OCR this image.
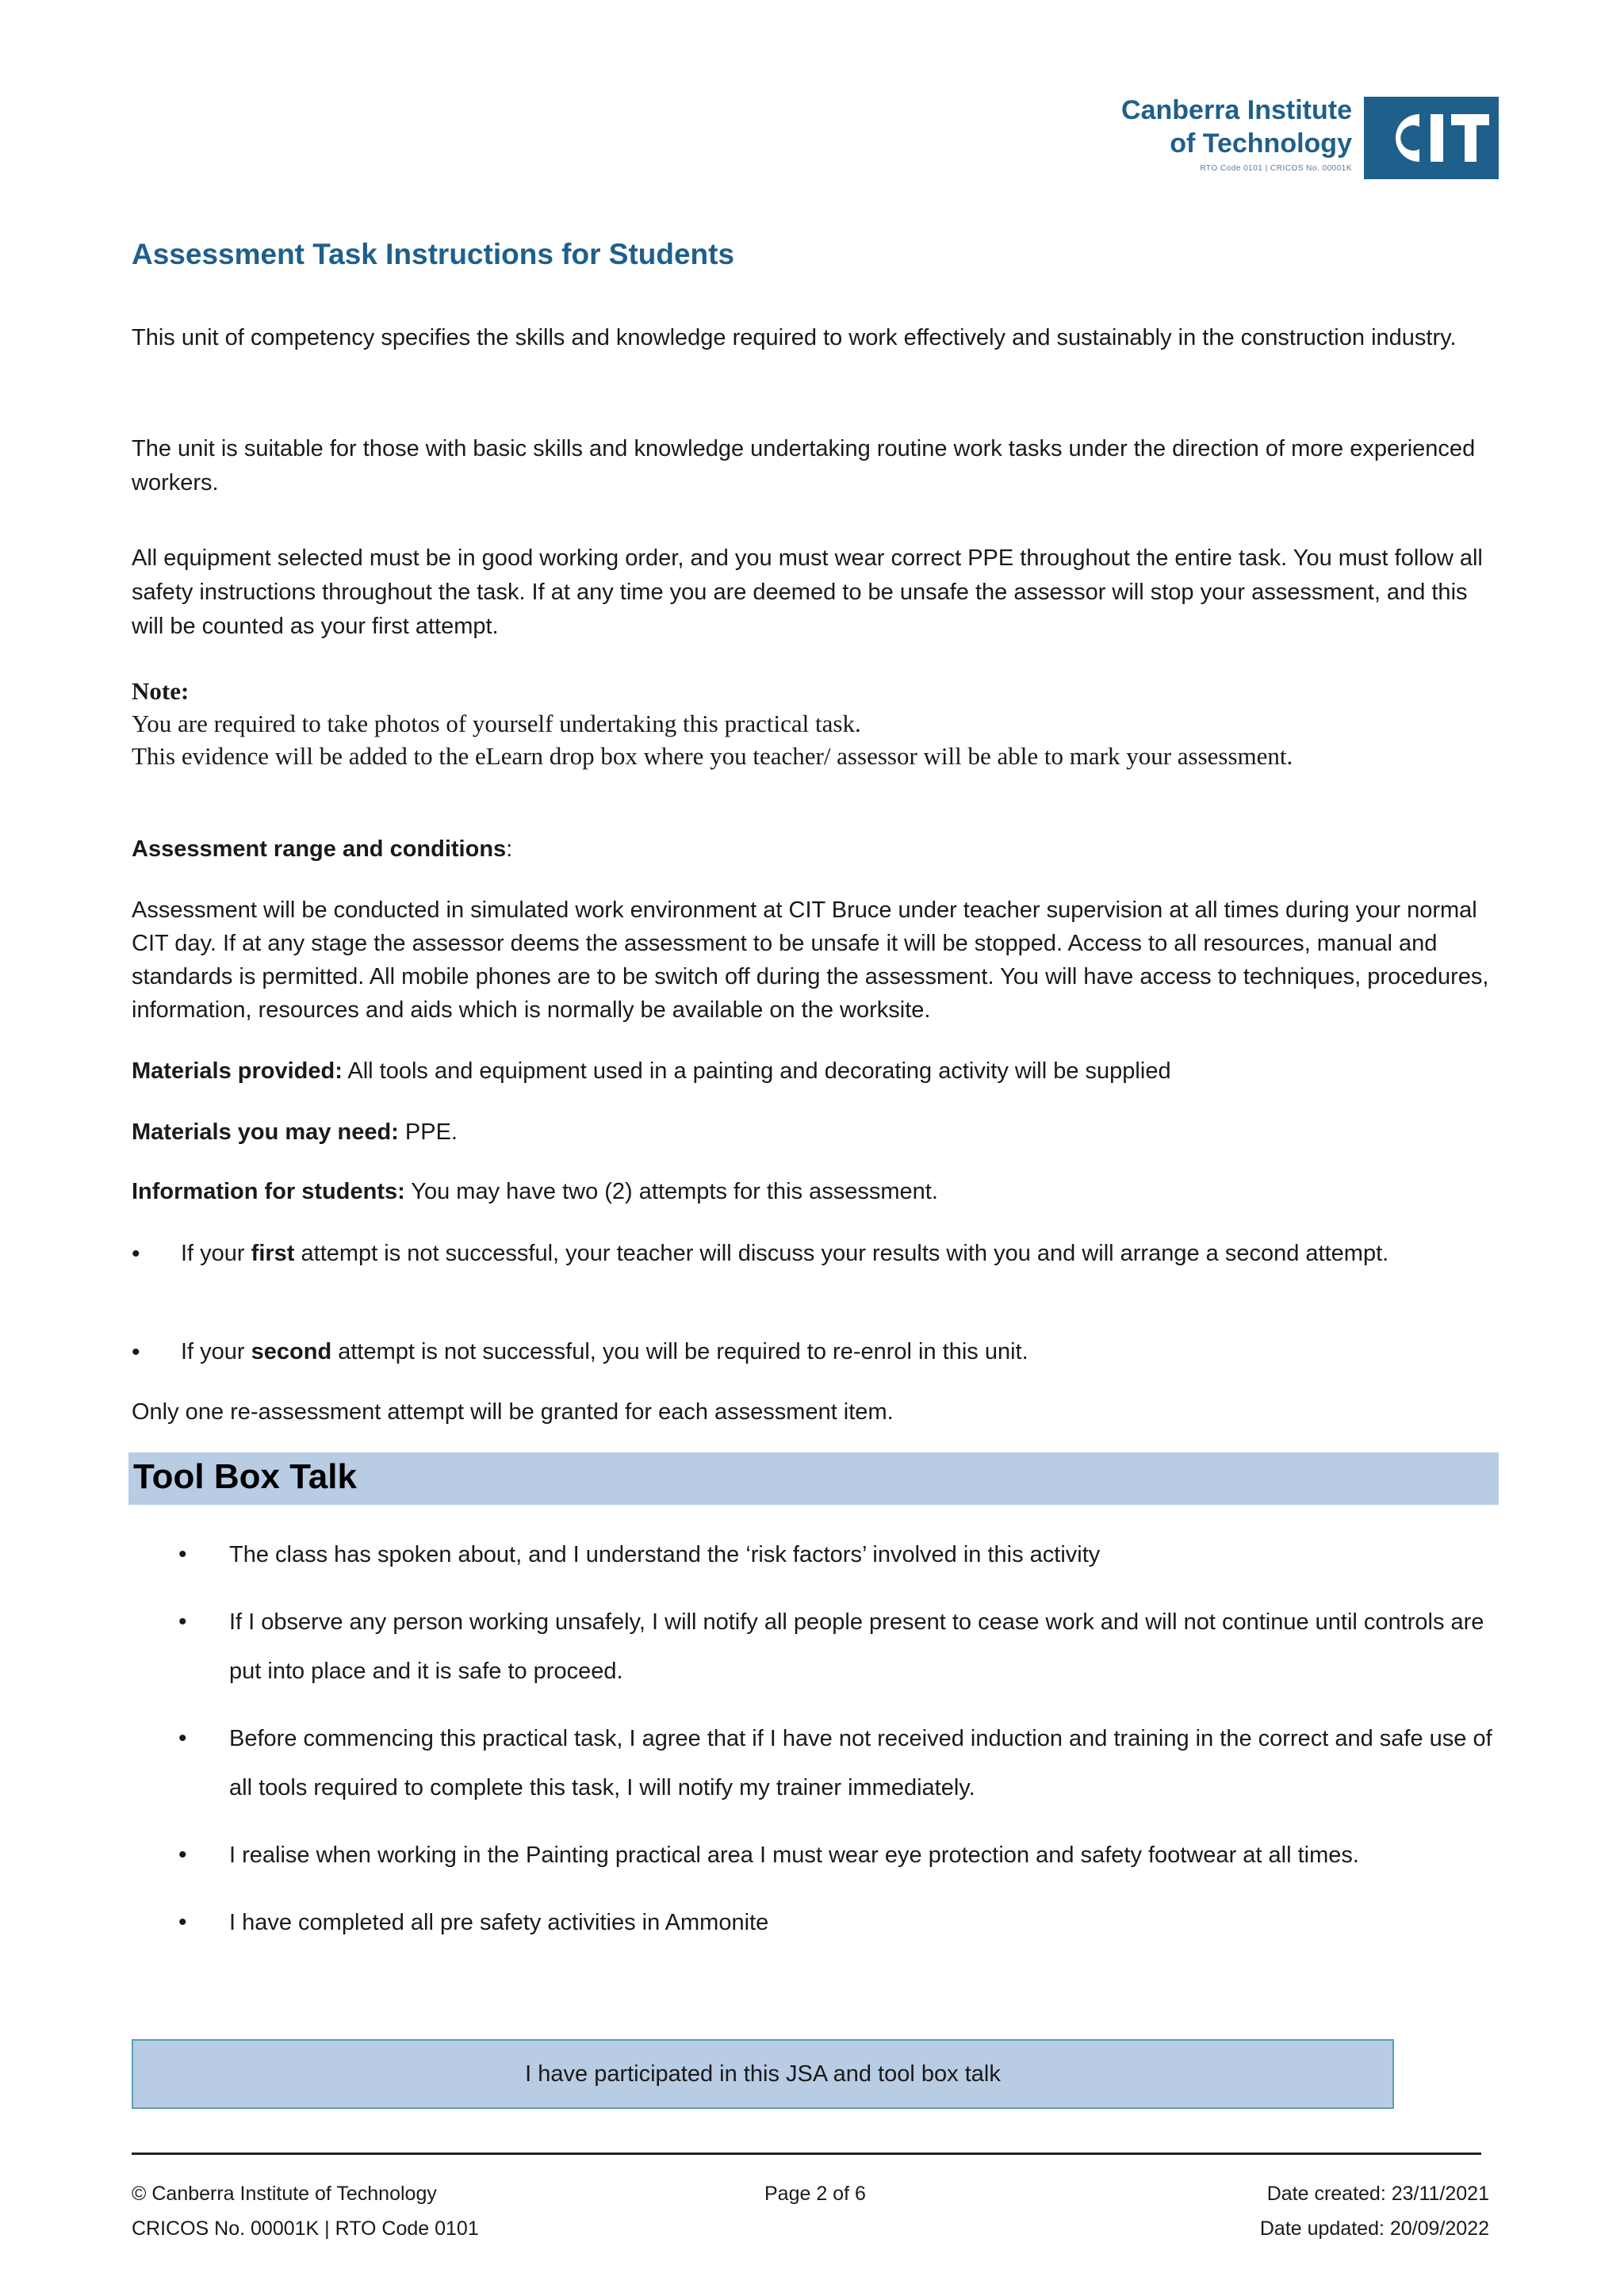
Canberra Institute
of Technology
RTO Code 0101 | CRICOS No. 00001K
Assessment Task Instructions for Students

This unit of competency specifies the skills and knowledge required to work effectively and sustainably in the construction industry.

The unit is suitable for those with basic skills and knowledge undertaking routine work tasks under the direction of more experienced workers.

All equipment selected must be in good working order, and you must wear correct PPE throughout the entire task. You must follow all safety instructions throughout the task. If at any time you are deemed to be unsafe the assessor will stop your assessment, and this will be counted as your first attempt.

Note:
You are required to take photos of yourself undertaking this practical task.
This evidence will be added to the eLearn drop box where you teacher/ assessor will be able to mark your assessment.

Assessment range and conditions:

Assessment will be conducted in simulated work environment at CIT Bruce under teacher supervision at all times during your normal CIT day. If at any stage the assessor deems the assessment to be unsafe it will be stopped. Access to all resources, manual and standards is permitted. All mobile phones are to be switch off during the assessment. You will have access to techniques, procedures, information, resources and aids which is normally be available on the worksite.

Materials provided: All tools and equipment used in a painting and decorating activity will be supplied

Materials you may need: PPE.

Information for students: You may have two (2) attempts for this assessment.

• If your first attempt is not successful, your teacher will discuss your results with you and will arrange a second attempt.
• If your second attempt is not successful, you will be required to re-enrol in this unit.

Only one re-assessment attempt will be granted for each assessment item.

Tool Box Talk
• The class has spoken about, and I understand the ‘risk factors’ involved in this activity
• If I observe any person working unsafely, I will notify all people present to cease work and will not continue until controls are put into place and it is safe to proceed.
• Before commencing this practical task, I agree that if I have not received induction and training in the correct and safe use of all tools required to complete this task, I will notify my trainer immediately.
• I realise when working in the Painting practical area I must wear eye protection and safety footwear at all times.
• I have completed all pre safety activities in Ammonite
I have participated in this JSA and tool box talk
© Canberra Institute of Technology
CRICOS No. 00001K | RTO Code 0101
Page 2 of 6	Date created: 23/11/2021
Date updated: 20/09/2022
